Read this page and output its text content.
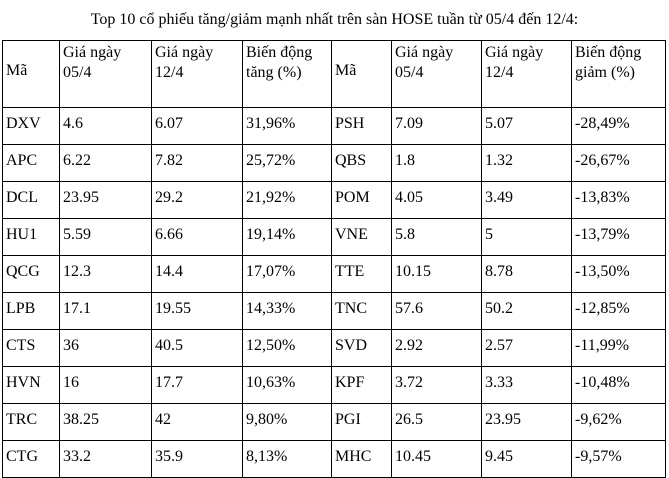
Top 10 cổ phiếu tăng/giảm mạnh nhất trên sàn HOSE tuần từ 05/4 đến 12/4:
Mã	Giá ngày 05/4	Giá ngày 12/4	Biến động tăng (%)	Mã	Giá ngày 05/4	Giá ngày 12/4	Biến động giảm (%)
DXV	4.6	6.07	31,96%	PSH	7.09	5.07	-28,49%
APC	6.22	7.82	25,72%	QBS	1.8	1.32	-26,67%
DCL	23.95	29.2	21,92%	POM	4.05	3.49	-13,83%
HU1	5.59	6.66	19,14%	VNE	5.8	5	-13,79%
QCG	12.3	14.4	17,07%	TTE	10.15	8.78	-13,50%
LPB	17.1	19.55	14,33%	TNC	57.6	50.2	-12,85%
CTS	36	40.5	12,50%	SVD	2.92	2.57	-11,99%
HVN	16	17.7	10,63%	KPF	3.72	3.33	-10,48%
TRC	38.25	42	9,80%	PGI	26.5	23.95	-9,62%
CTG	33.2	35.9	8,13%	MHC	10.45	9.45	-9,57%
